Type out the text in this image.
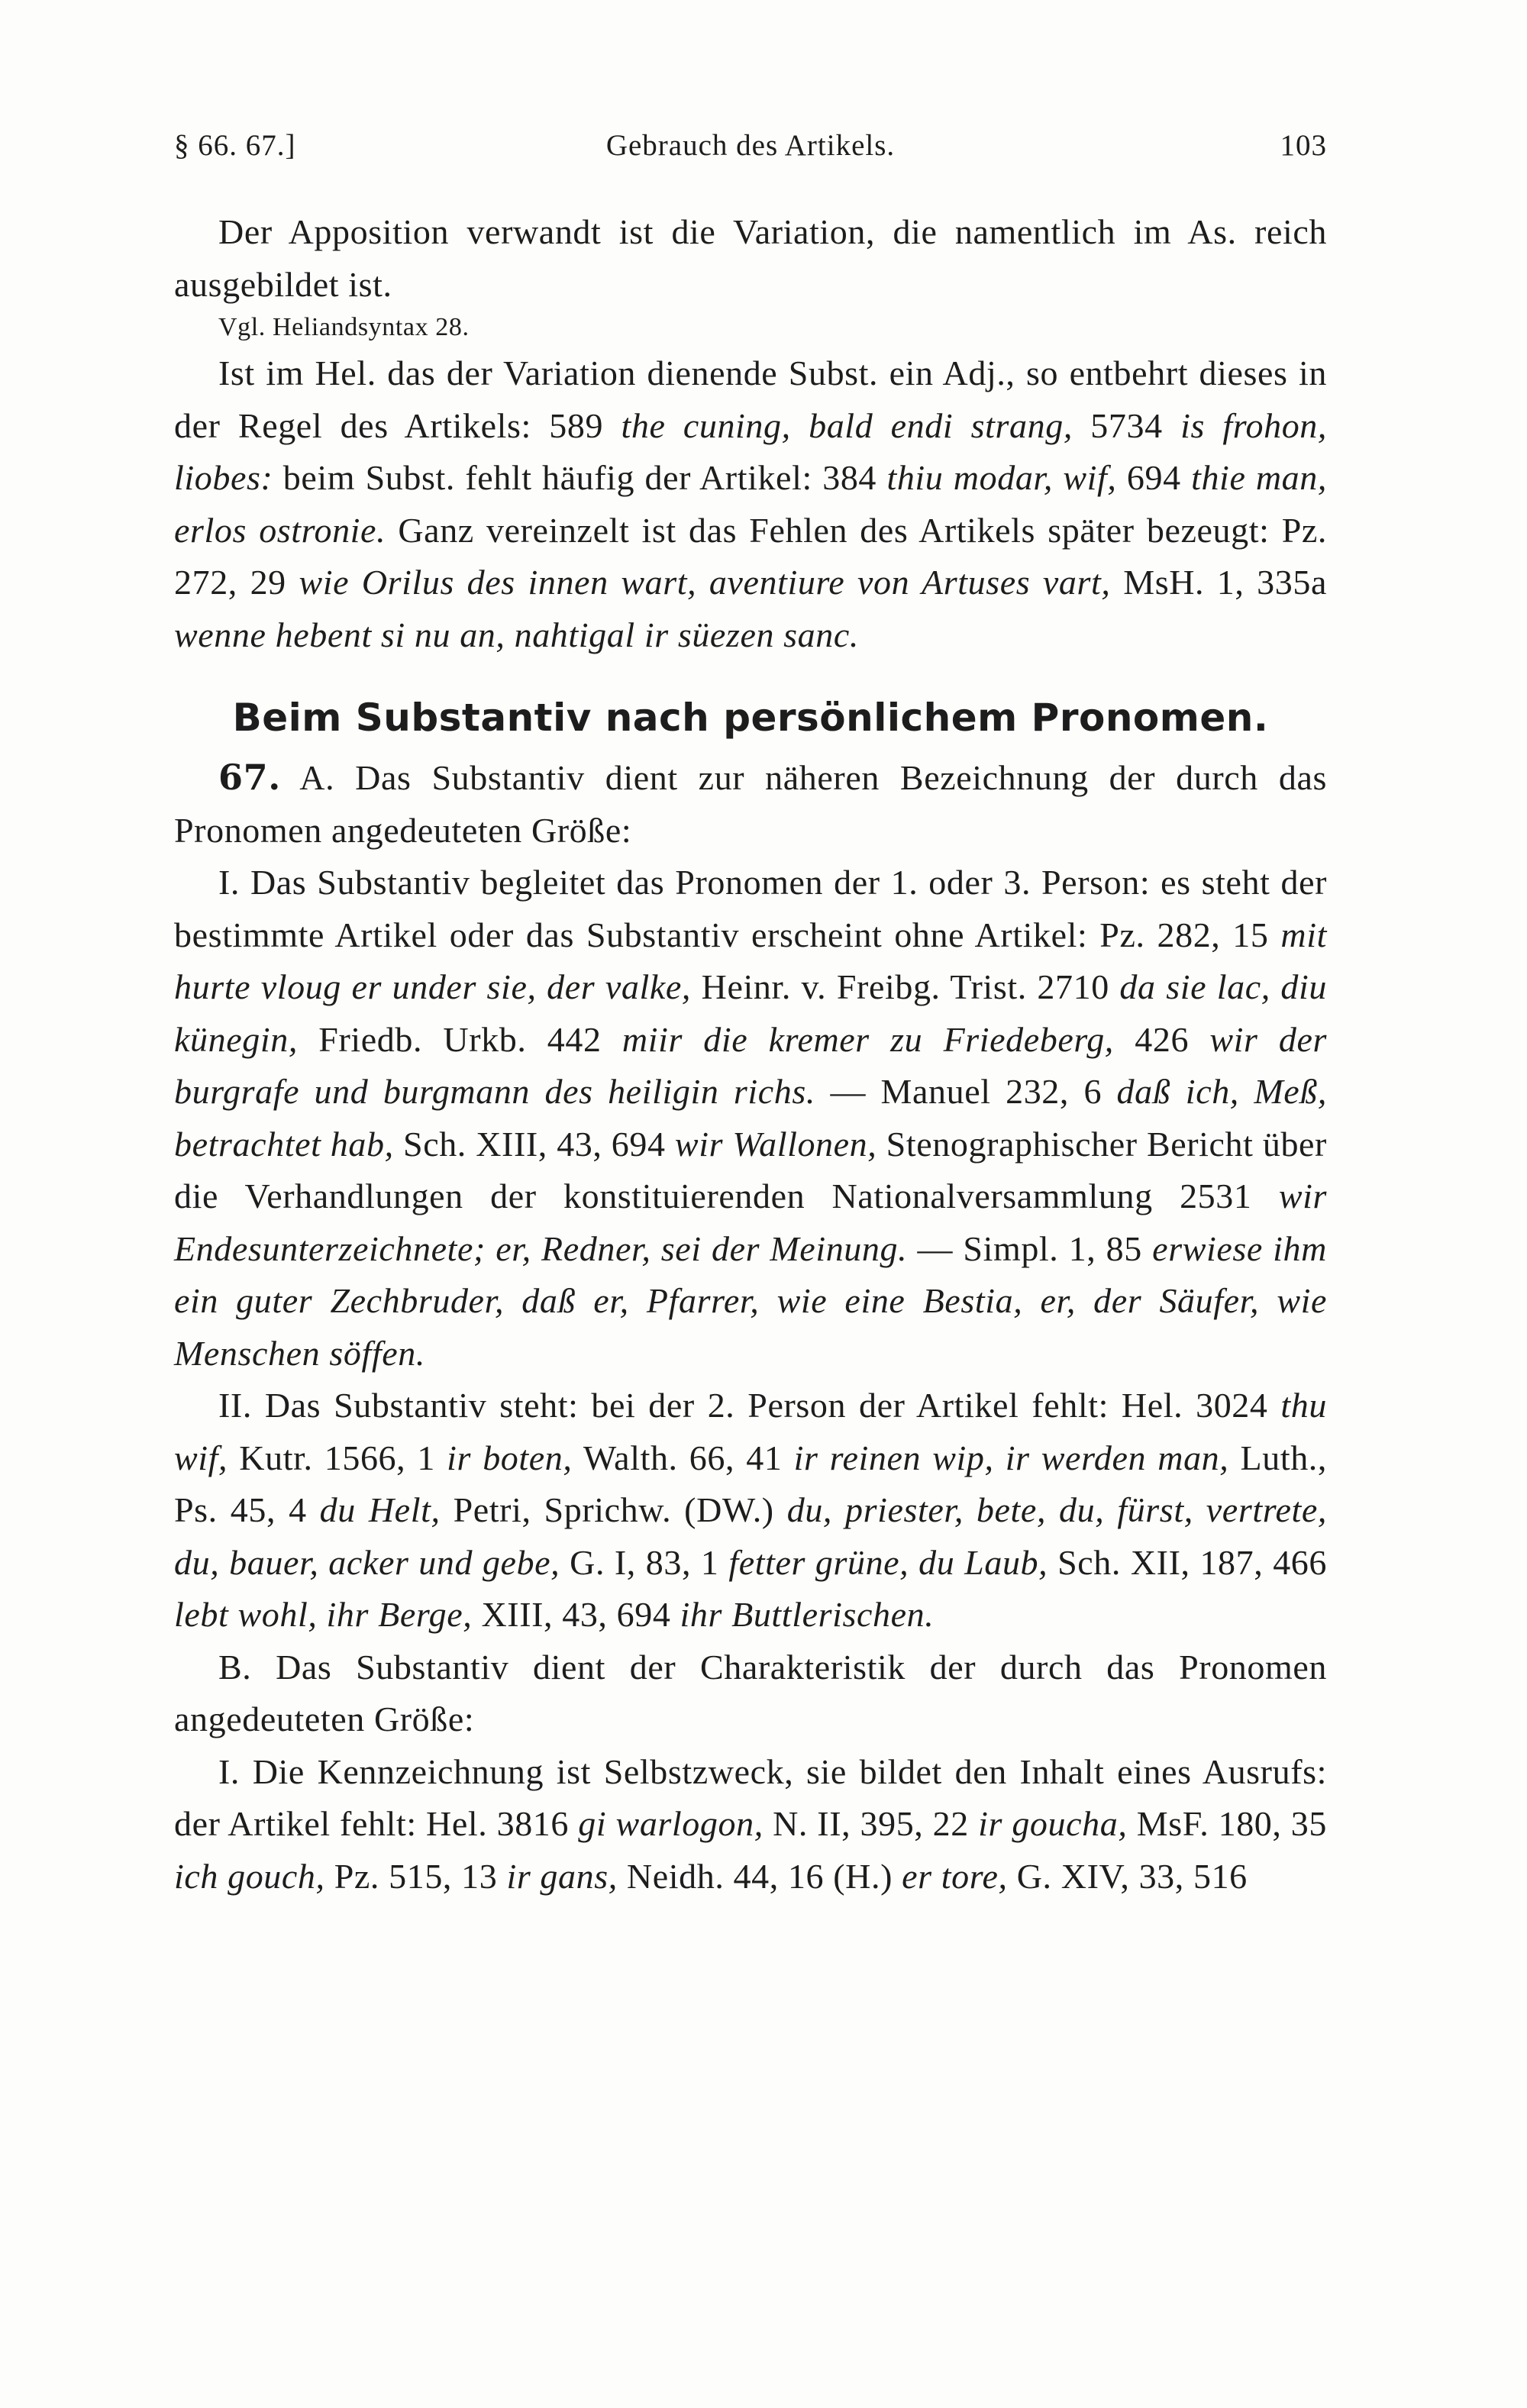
§ 66. 67.]	Gebrauch des Artikels.	103

Der Apposition verwandt ist die Variation, die namentlich im As. reich ausgebildet ist.

Vgl. Heliandsyntax 28.

Ist im Hel. das der Variation dienende Subst. ein Adj., so entbehrt dieses in der Regel des Artikels: 589 the cuning, bald endi strang, 5734 is frohon, liobes: beim Subst. fehlt häufig der Artikel: 384 thiu modar, wif, 694 thie man, erlos ostronie. Ganz vereinzelt ist das Fehlen des Artikels später bezeugt: Pz. 272, 29 wie Orilus des innen wart, aventiure von Artuses vart, MsH. 1, 335a wenne hebent si nu an, nahtigal ir süezen sanc.

Beim Substantiv nach persönlichem Pronomen.

67. A. Das Substantiv dient zur näheren Bezeichnung der durch das Pronomen angedeuteten Größe:

I. Das Substantiv begleitet das Pronomen der 1. oder 3. Person: es steht der bestimmte Artikel oder das Substantiv erscheint ohne Artikel: Pz. 282, 15 mit hurte vloug er under sie, der valke, Heinr. v. Freibg. Trist. 2710 da sie lac, diu künegin, Friedb. Urkb. 442 miir die kremer zu Friedeberg, 426 wir der burgrafe und burgmann des heiligin richs. — Manuel 232, 6 daß ich, Meß, betrachtet hab, Sch. XIII, 43, 694 wir Wallonen, Stenographischer Bericht über die Verhandlungen der konstituierenden Nationalversammlung 2531 wir Endesunterzeichnete; er, Redner, sei der Meinung. — Simpl. 1, 85 erwiese ihm ein guter Zechbruder, daß er, Pfarrer, wie eine Bestia, er, der Säufer, wie Menschen söffen.

II. Das Substantiv steht: bei der 2. Person der Artikel fehlt: Hel. 3024 thu wif, Kutr. 1566, 1 ir boten, Walth. 66, 41 ir reinen wip, ir werden man, Luth., Ps. 45, 4 du Helt, Petri, Sprichw. (DW.) du, priester, bete, du, fürst, vertrete, du, bauer, acker und gebe, G. I, 83, 1 fetter grüne, du Laub, Sch. XII, 187, 466 lebt wohl, ihr Berge, XIII, 43, 694 ihr Buttlerischen.

B. Das Substantiv dient der Charakteristik der durch das Pronomen angedeuteten Größe:

I. Die Kennzeichnung ist Selbstzweck, sie bildet den Inhalt eines Ausrufs: der Artikel fehlt: Hel. 3816 gi warlogon, N. II, 395, 22 ir goucha, MsF. 180, 35 ich gouch, Pz. 515, 13 ir gans, Neidh. 44, 16 (H.) er tore, G. XIV, 33, 516
